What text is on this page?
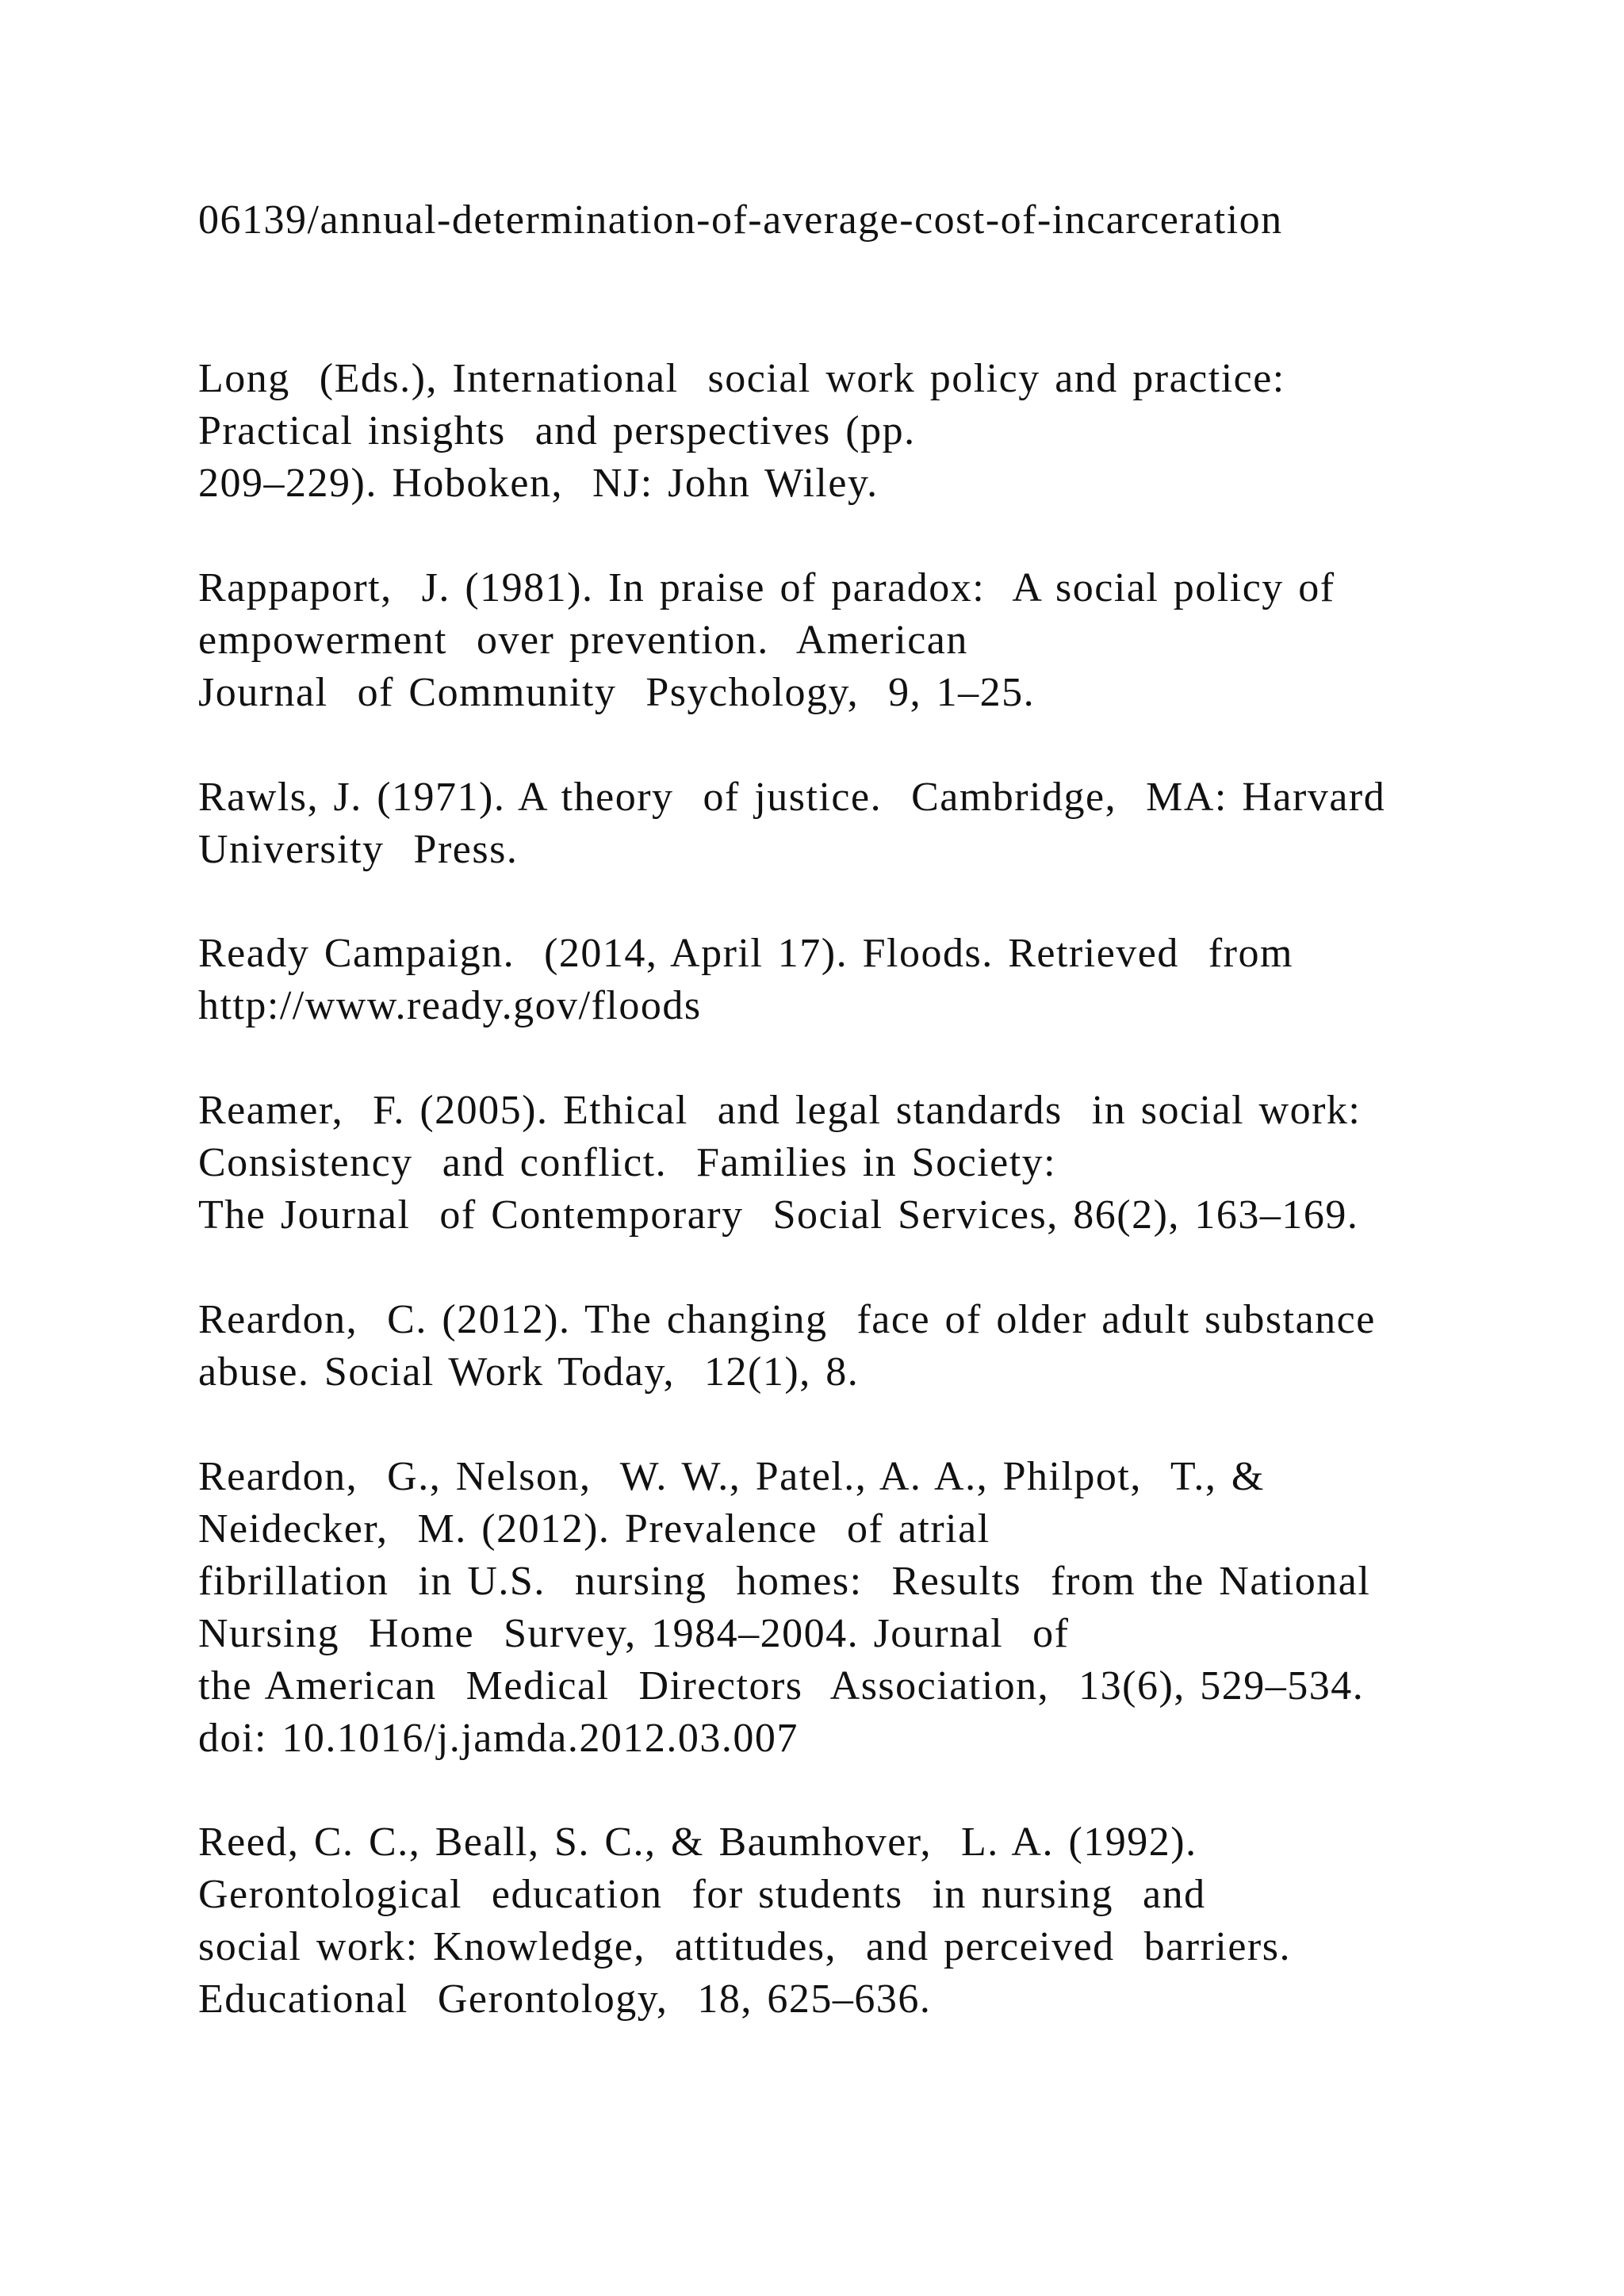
06139/annual-determination-of-average-cost-of-incarceration
Long  (Eds.), International  social work policy and practice:
Practical insights  and perspectives (pp.
209–229). Hoboken,  NJ: John Wiley.
Rappaport,  J. (1981). In praise of paradox:  A social policy of
empowerment  over prevention.  American
Journal  of Community  Psychology,  9, 1–25.
Rawls, J. (1971). A theory  of justice.  Cambridge,  MA: Harvard
University  Press.
Ready Campaign.  (2014, April 17). Floods. Retrieved  from
http://www.ready.gov/floods
Reamer,  F. (2005). Ethical  and legal standards  in social work:
Consistency  and conflict.  Families in Society:
The Journal  of Contemporary  Social Services, 86(2), 163–169.
Reardon,  C. (2012). The changing  face of older adult substance
abuse. Social Work Today,  12(1), 8.
Reardon,  G., Nelson,  W. W., Patel., A. A., Philpot,  T., &
Neidecker,  M. (2012). Prevalence  of atrial
fibrillation  in U.S.  nursing  homes:  Results  from the National
Nursing  Home  Survey, 1984–2004. Journal  of
the American  Medical  Directors  Association,  13(6), 529–534.
doi: 10.1016/j.jamda.2012.03.007
Reed, C. C., Beall, S. C., & Baumhover,  L. A. (1992).
Gerontological  education  for students  in nursing  and
social work: Knowledge,  attitudes,  and perceived  barriers.
Educational  Gerontology,  18, 625–636.
